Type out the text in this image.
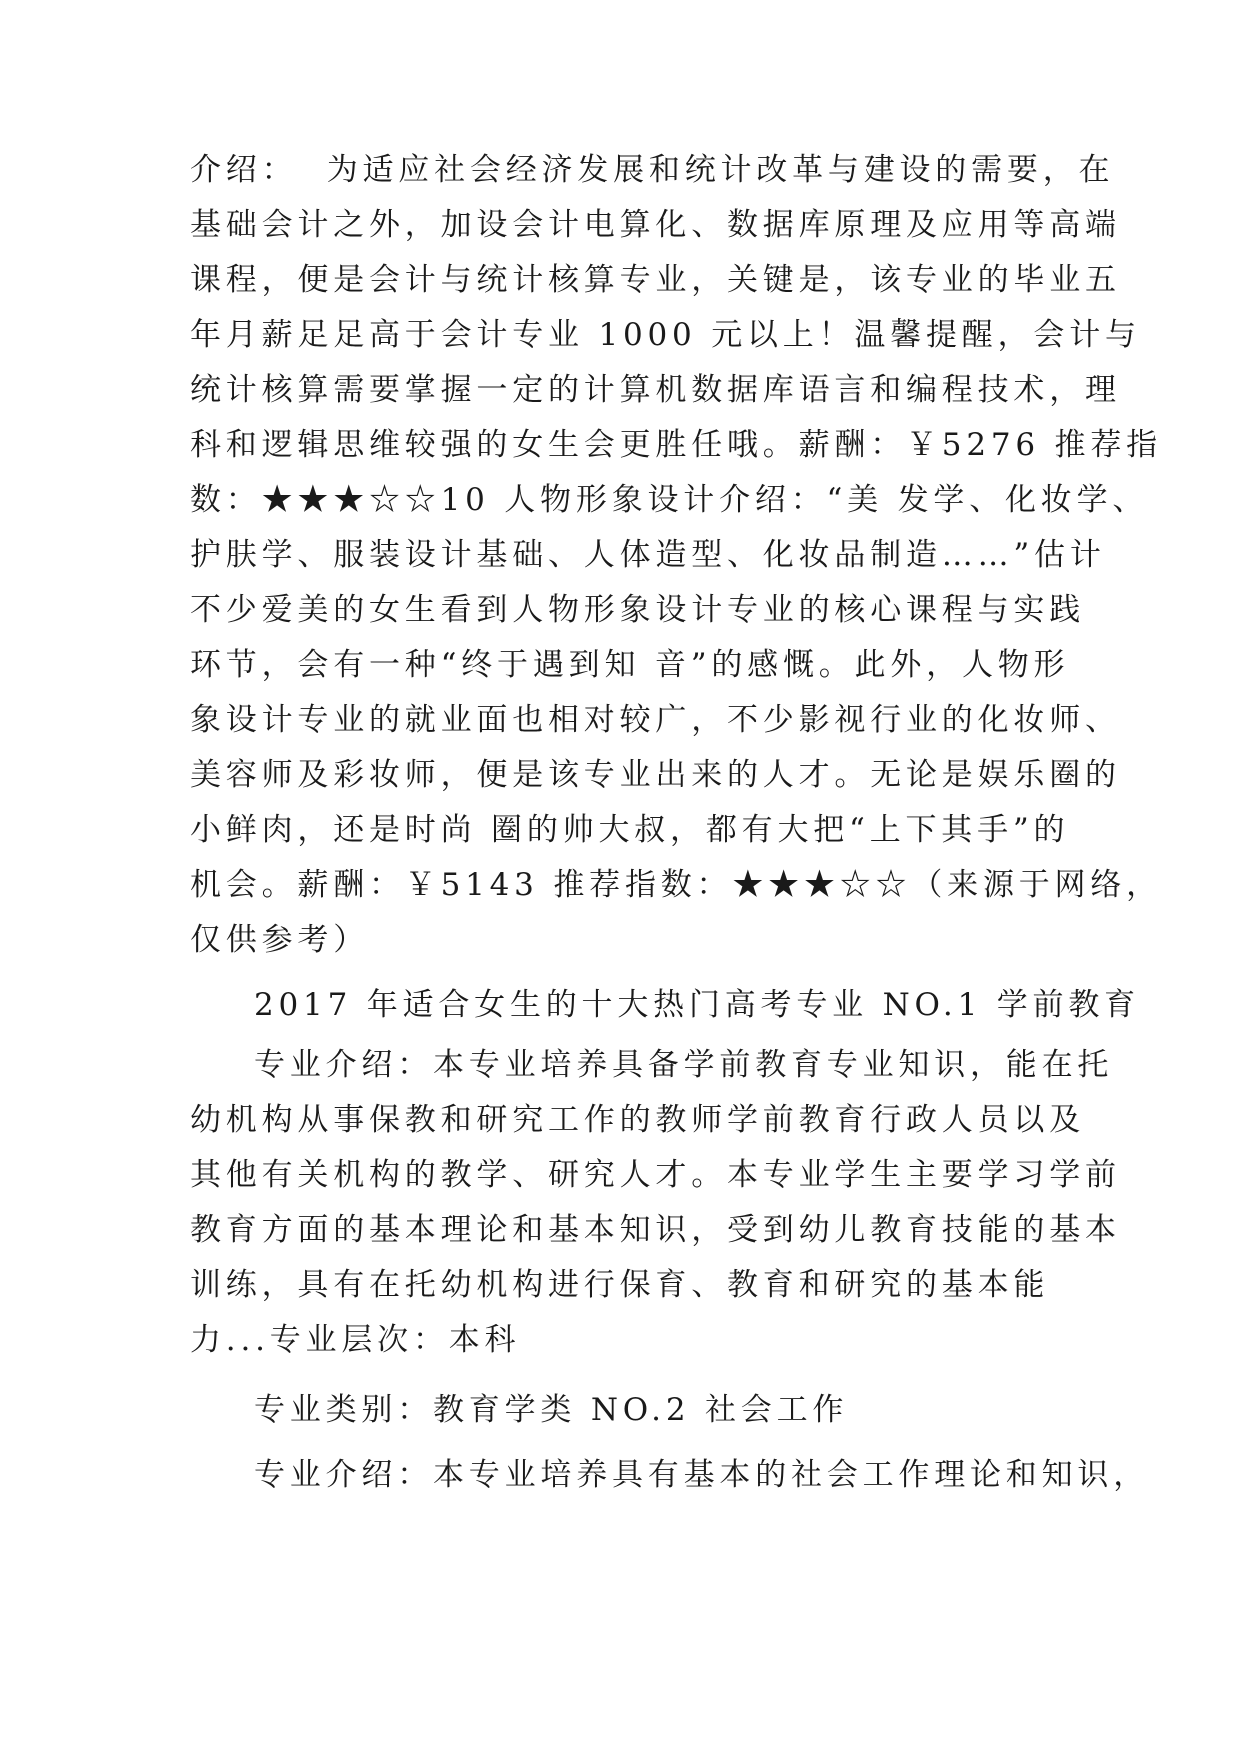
介绍：  为适应社会经济发展和统计改革与建设的需要，在
基础会计之外，加设会计电算化、数据库原理及应用等高端
课程，便是会计与统计核算专业，关键是，该专业的毕业五
年月薪足足高于会计专业 1000 元以上！温馨提醒，会计与
统计核算需要掌握一定的计算机数据库语言和编程技术，理
科和逻辑思维较强的女生会更胜任哦。薪酬：￥5276 推荐指
数：★★★☆☆10 人物形象设计介绍：“美 发学、化妆学、
护肤学、服装设计基础、人体造型、化妆品制造……”估计
不少爱美的女生看到人物形象设计专业的核心课程与实践
环节，会有一种“终于遇到知 音”的感慨。此外，人物形
象设计专业的就业面也相对较广，不少影视行业的化妆师、
美容师及彩妆师，便是该专业出来的人才。无论是娱乐圈的
小鲜肉，还是时尚 圈的帅大叔，都有大把“上下其手”的
机会。薪酬：￥5143 推荐指数：★★★☆☆（来源于网络，
仅供参考）
2017 年适合女生的十大热门高考专业 NO.1 学前教育
专业介绍：本专业培养具备学前教育专业知识，能在托
幼机构从事保教和研究工作的教师学前教育行政人员以及
其他有关机构的教学、研究人才。本专业学生主要学习学前
教育方面的基本理论和基本知识，受到幼儿教育技能的基本
训练，具有在托幼机构进行保育、教育和研究的基本能
力...专业层次：本科
专业类别：教育学类 NO.2 社会工作
专业介绍：本专业培养具有基本的社会工作理论和知识，
